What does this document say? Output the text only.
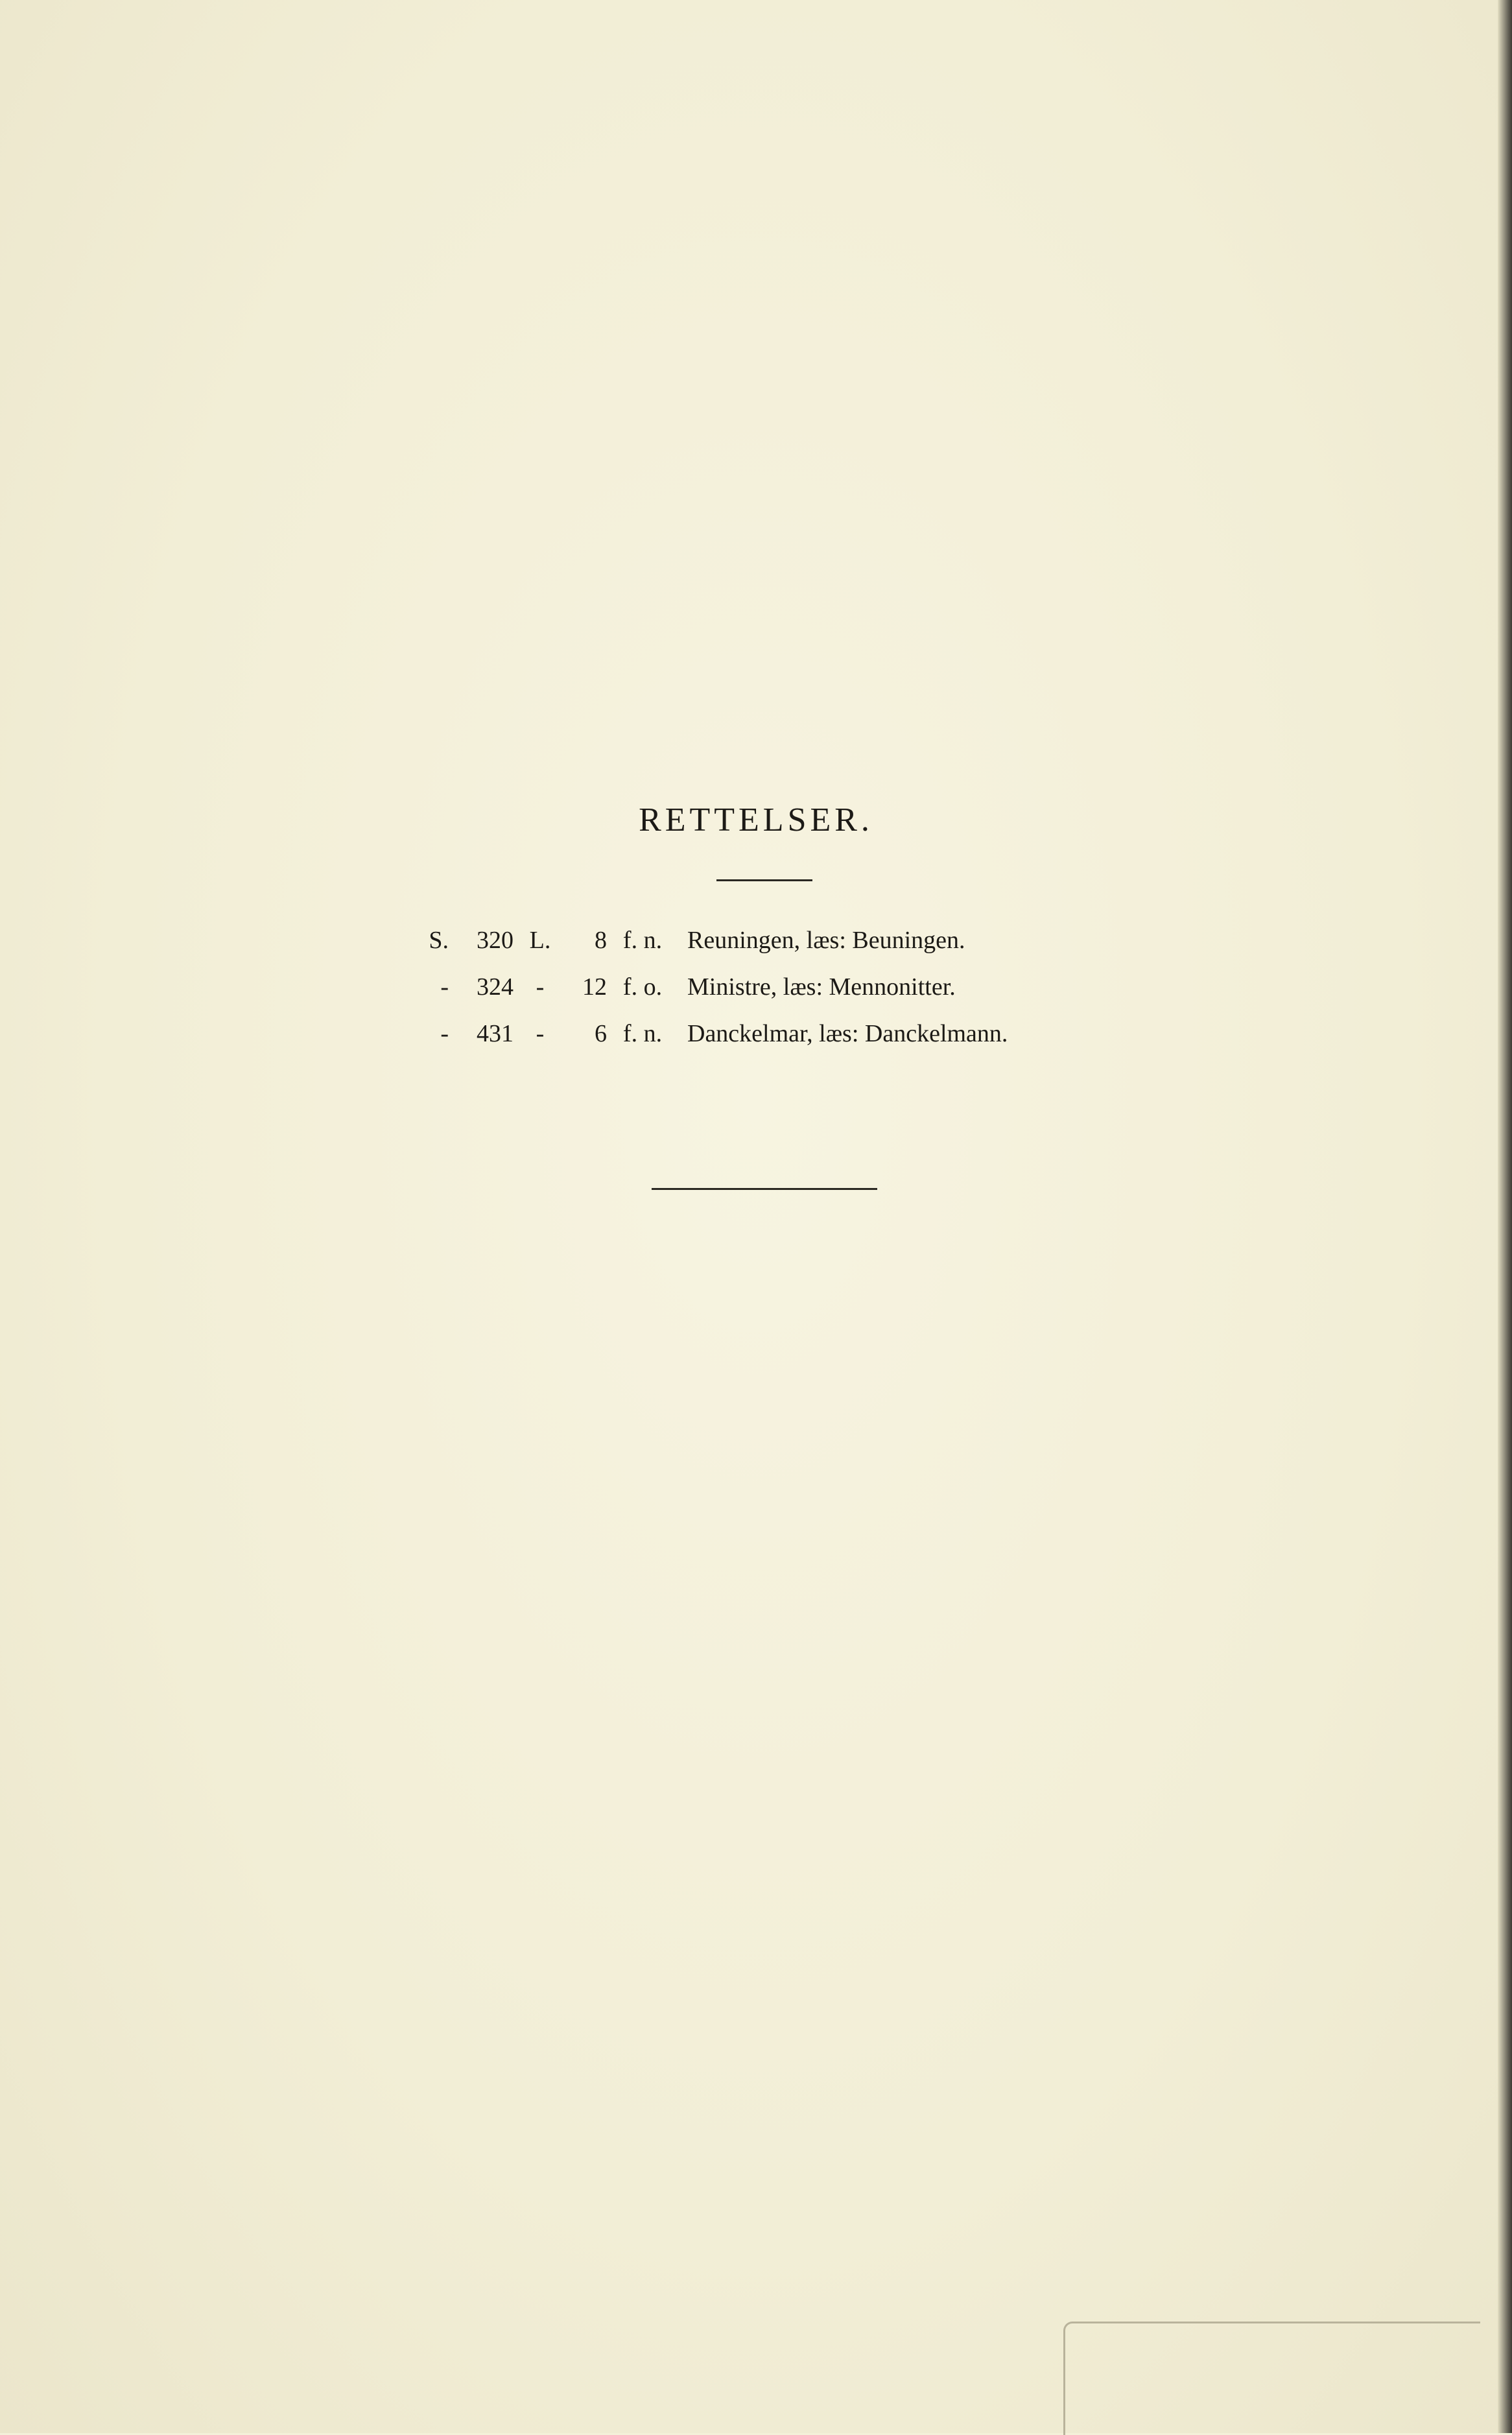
RETTELSER.
S.	320 L.	8 f. n.	Reuningen, læs: Beuningen.
-	324 -	12 f. o.	Ministre, læs: Mennonitter.
-	431 -	6 f. n.	Danckelmar, læs: Danckelmann.
